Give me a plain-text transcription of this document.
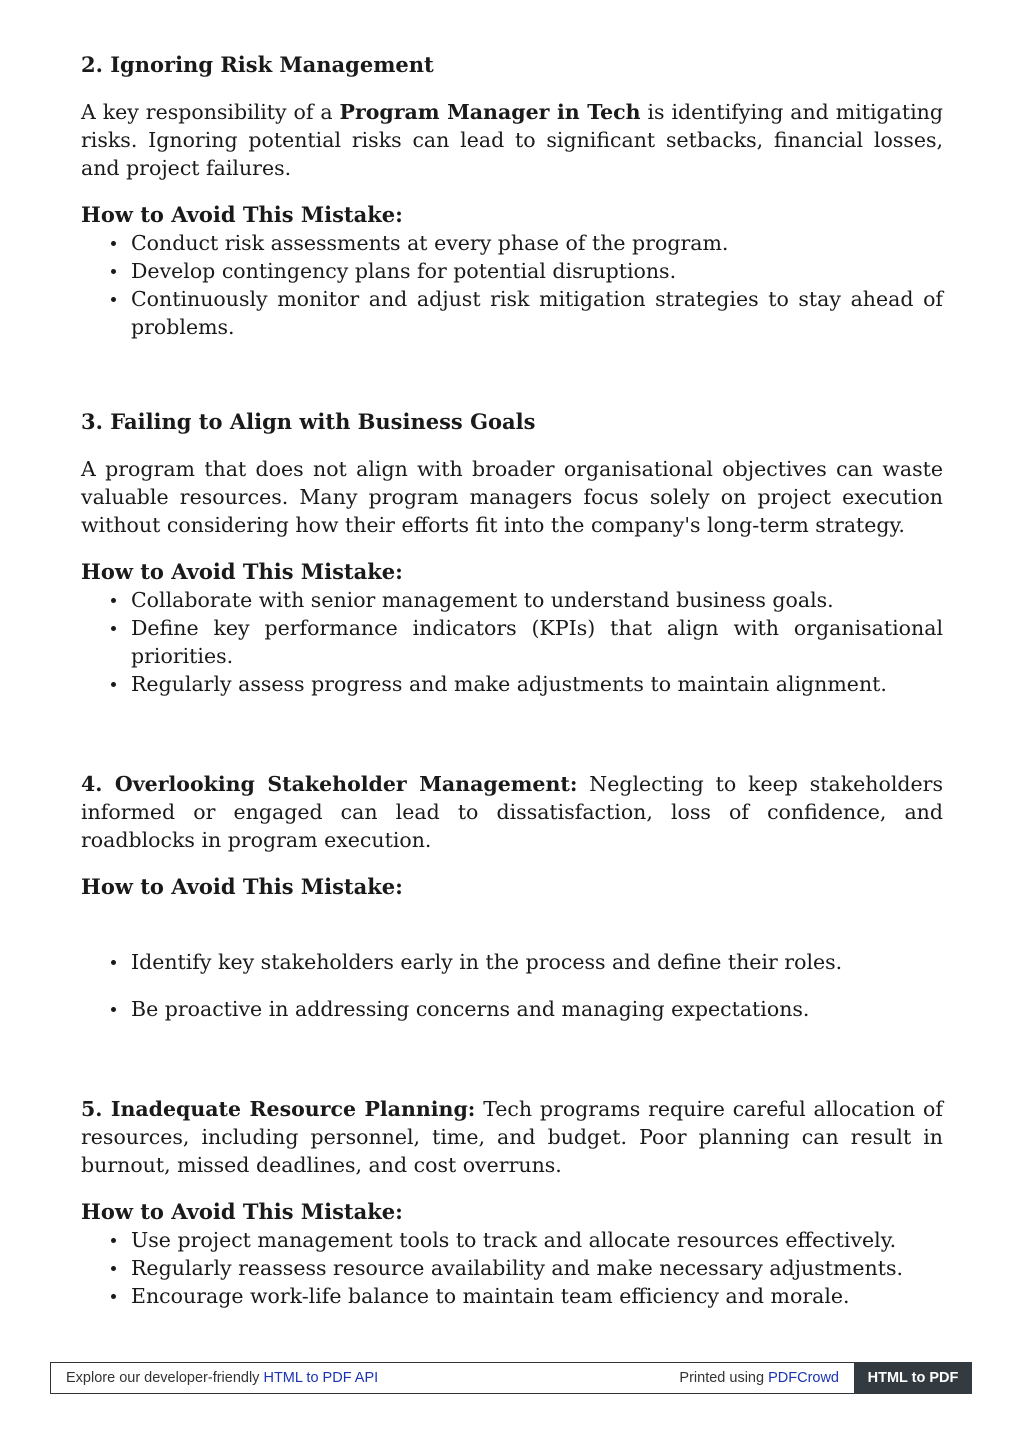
2. Ignoring Risk Management

A key responsibility of a Program Manager in Tech is identifying and mitigating risks. Ignoring potential risks can lead to significant setbacks, financial losses, and project failures.

How to Avoid This Mistake:
Conduct risk assessments at every phase of the program.
Develop contingency plans for potential disruptions.
Continuously monitor and adjust risk mitigation strategies to stay ahead of problems.
3. Failing to Align with Business Goals

A program that does not align with broader organisational objectives can waste valuable resources. Many program managers focus solely on project execution without considering how their efforts fit into the company's long-term strategy.

How to Avoid This Mistake:
Collaborate with senior management to understand business goals.
Define key performance indicators (KPIs) that align with organisational priorities.
Regularly assess progress and make adjustments to maintain alignment.

4. Overlooking Stakeholder Management: Neglecting to keep stakeholders informed or engaged can lead to dissatisfaction, loss of confidence, and roadblocks in program execution.

How to Avoid This Mistake:
Identify key stakeholders early in the process and define their roles.
Be proactive in addressing concerns and managing expectations.

5. Inadequate Resource Planning: Tech programs require careful allocation of resources, including personnel, time, and budget. Poor planning can result in burnout, missed deadlines, and cost overruns.

How to Avoid This Mistake:
Use project management tools to track and allocate resources effectively.
Regularly reassess resource availability and make necessary adjustments.
Encourage work-life balance to maintain team efficiency and morale.
Explore our developer-friendly HTML to PDF API	Printed using PDFCrowd	HTML to PDF
